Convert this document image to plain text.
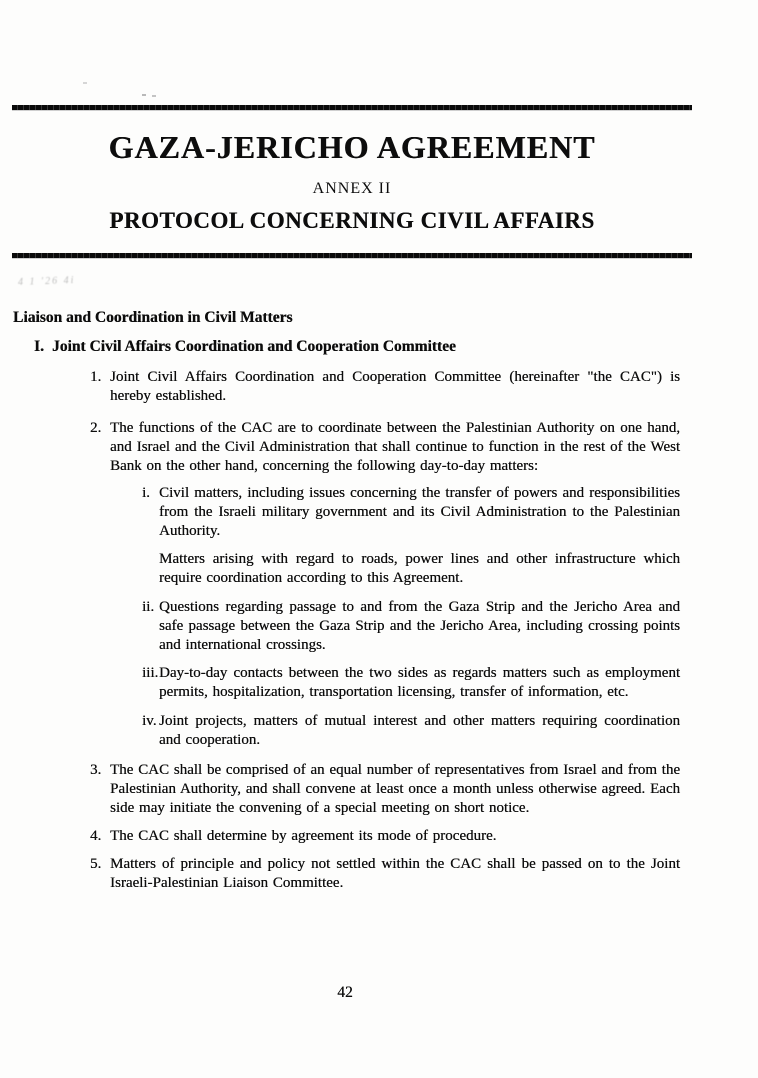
GAZA-JERICHO AGREEMENT
ANNEX II
PROTOCOL CONCERNING CIVIL AFFAIRS
4 1 '26 4i

Liaison and Coordination in Civil Matters

I. Joint Civil Affairs Coordination and Cooperation Committee

1. Joint Civil Affairs Coordination and Cooperation Committee (hereinafter "the CAC") is hereby established.

2. The functions of the CAC are to coordinate between the Palestinian Authority on one hand, and Israel and the Civil Administration that shall continue to function in the rest of the West Bank on the other hand, concerning the following day-to-day matters:

i. Civil matters, including issues concerning the transfer of powers and responsibilities from the Israeli military government and its Civil Administration to the Palestinian Authority.

Matters arising with regard to roads, power lines and other infrastructure which require coordination according to this Agreement.

ii. Questions regarding passage to and from the Gaza Strip and the Jericho Area and safe passage between the Gaza Strip and the Jericho Area, including crossing points and international crossings.

iii.Day-to-day contacts between the two sides as regards matters such as employment permits, hospitalization, transportation licensing, transfer of information, etc.

iv. Joint projects, matters of mutual interest and other matters requiring coordination and cooperation.

3. The CAC shall be comprised of an equal number of representatives from Israel and from the Palestinian Authority, and shall convene at least once a month unless otherwise agreed. Each side may initiate the convening of a special meeting on short notice.

4. The CAC shall determine by agreement its mode of procedure.

5. Matters of principle and policy not settled within the CAC shall be passed on to the Joint Israeli-Palestinian Liaison Committee.

42
